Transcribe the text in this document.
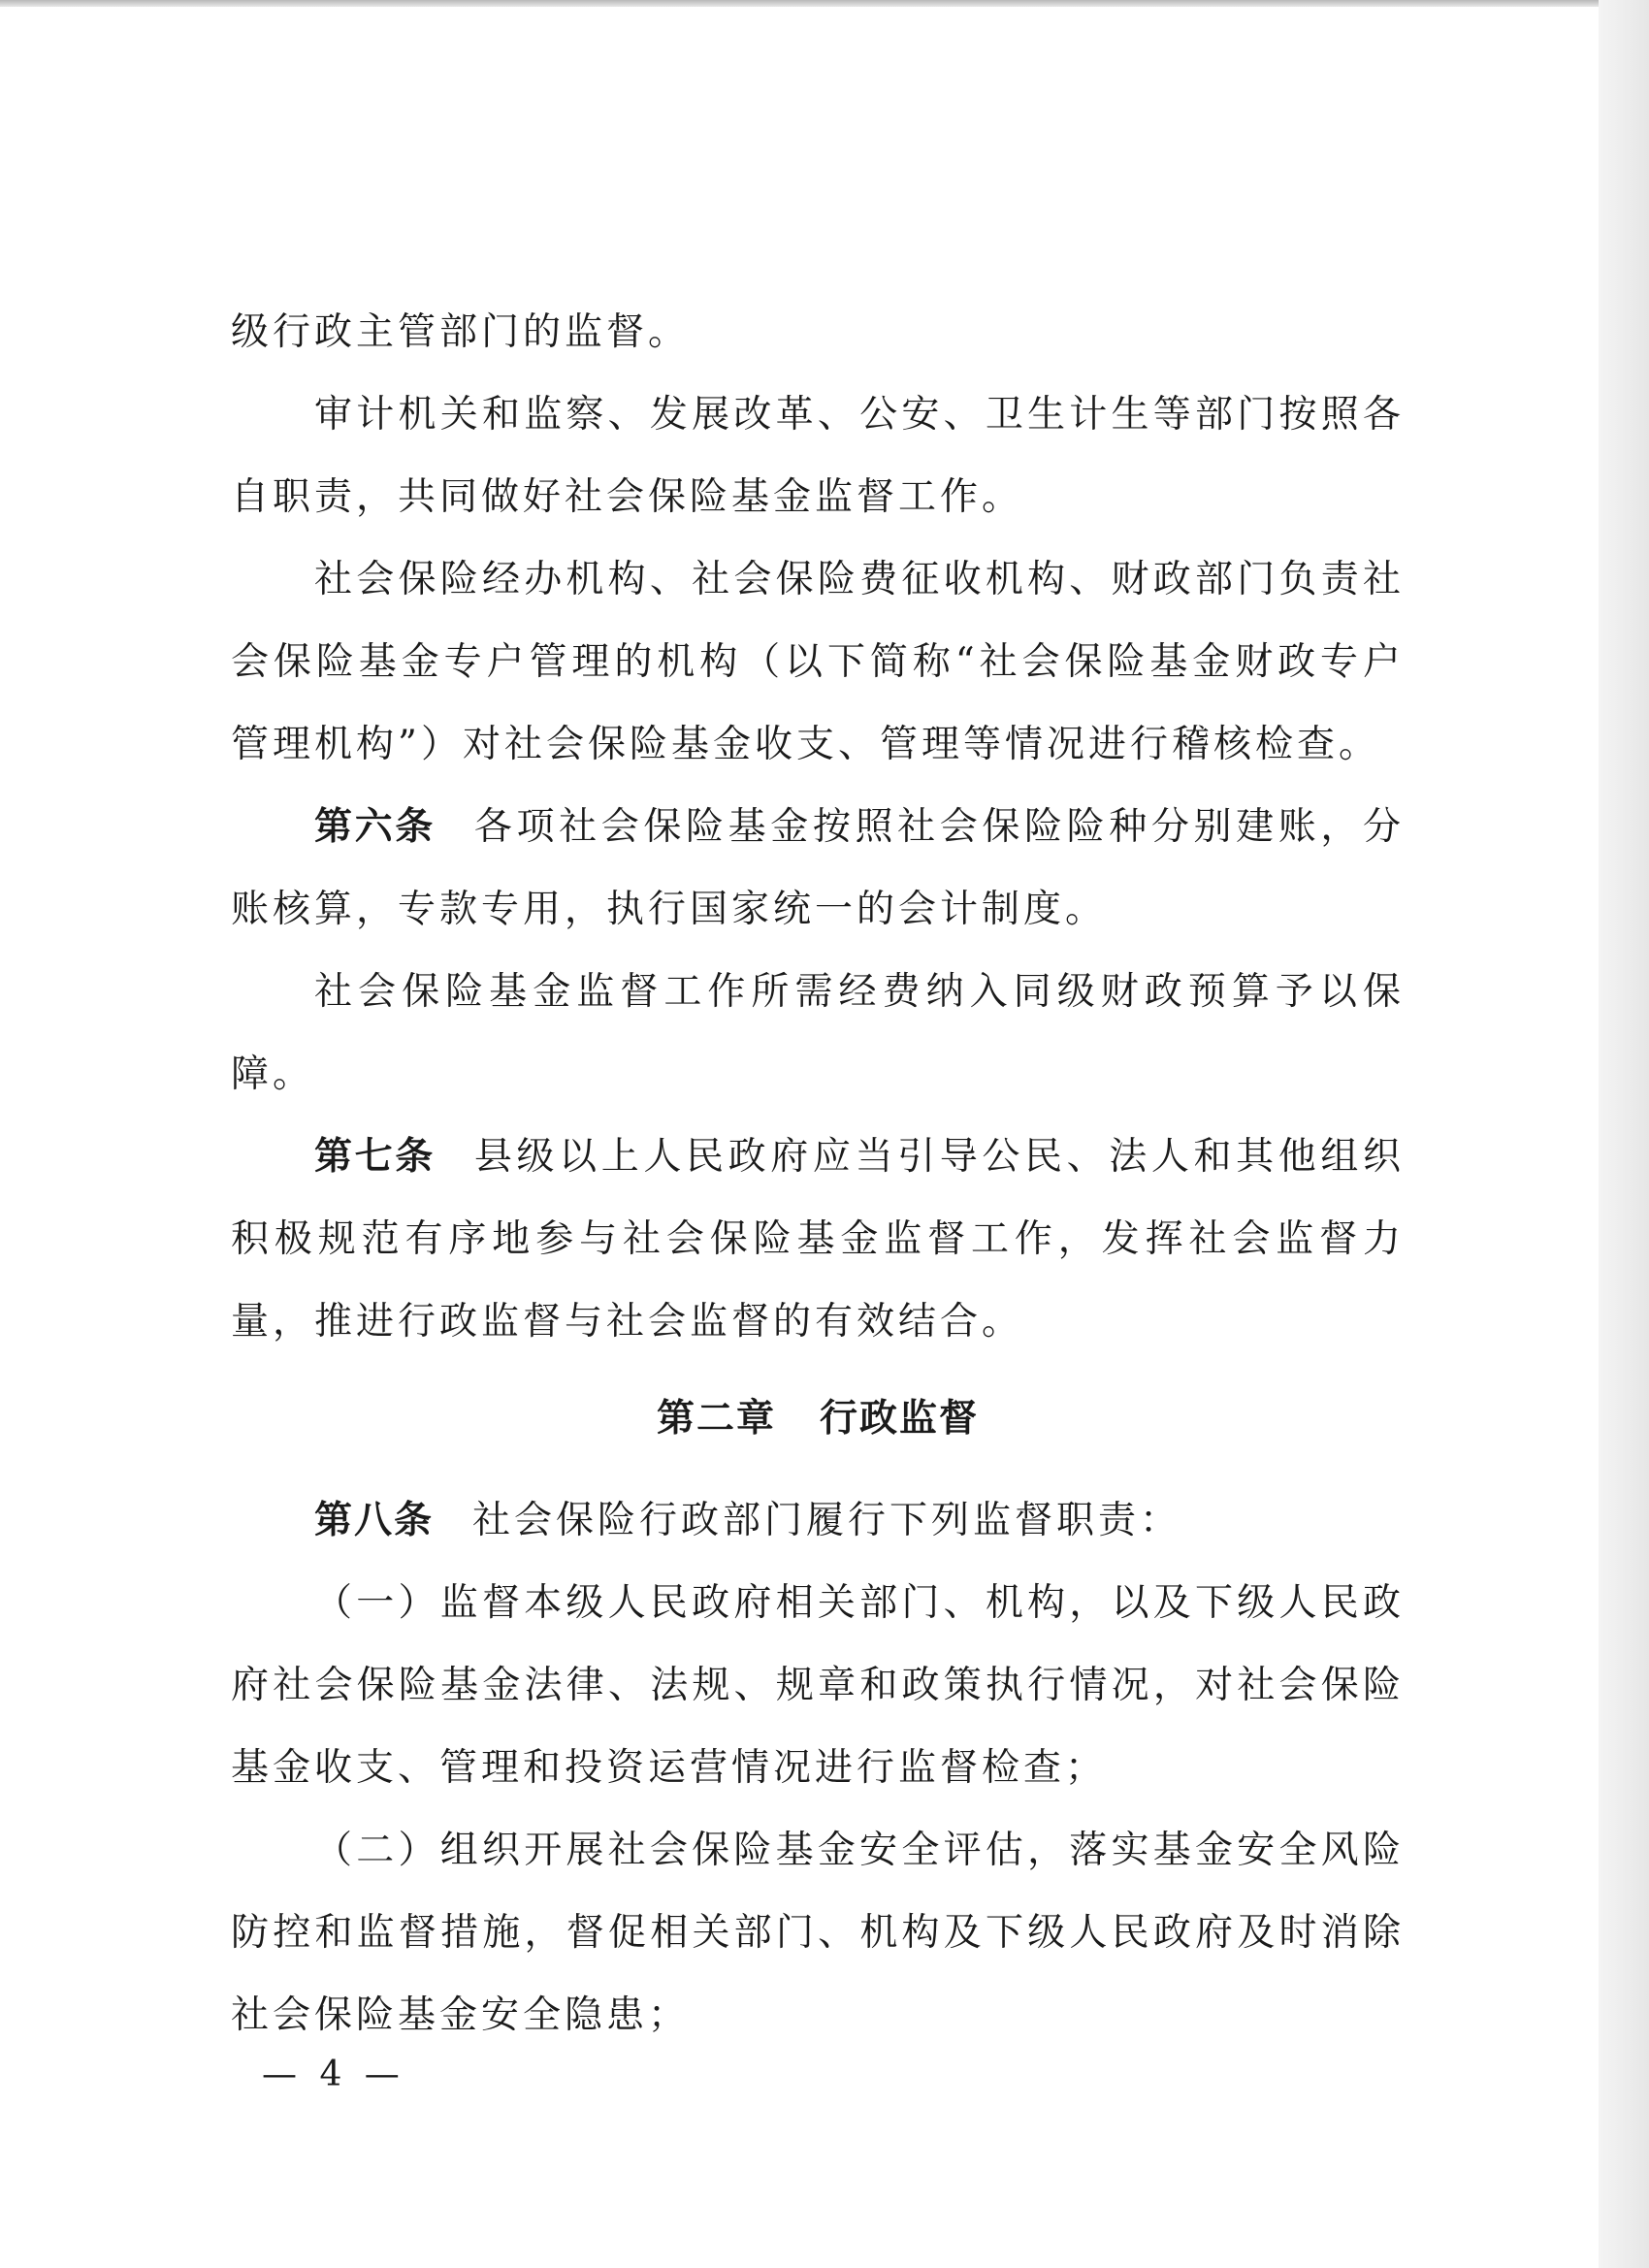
级行政主管部门的监督。

审计机关和监察、发展改革、公安、卫生计生等部门按照各自职责，共同做好社会保险基金监督工作。

社会保险经办机构、社会保险费征收机构、财政部门负责社会保险基金专户管理的机构（以下简称“社会保险基金财政专户管理机构”）对社会保险基金收支、管理等情况进行稽核检查。

第六条 各项社会保险基金按照社会保险险种分别建账，分账核算，专款专用，执行国家统一的会计制度。

社会保险基金监督工作所需经费纳入同级财政预算予以保障。

第七条 县级以上人民政府应当引导公民、法人和其他组织积极规范有序地参与社会保险基金监督工作，发挥社会监督力量，推进行政监督与社会监督的有效结合。

第二章 行政监督

第八条 社会保险行政部门履行下列监督职责：

（一）监督本级人民政府相关部门、机构，以及下级人民政府社会保险基金法律、法规、规章和政策执行情况，对社会保险基金收支、管理和投资运营情况进行监督检查；

（二）组织开展社会保险基金安全评估，落实基金安全风险防控和监督措施，督促相关部门、机构及下级人民政府及时消除社会保险基金安全隐患；

— 4 —
